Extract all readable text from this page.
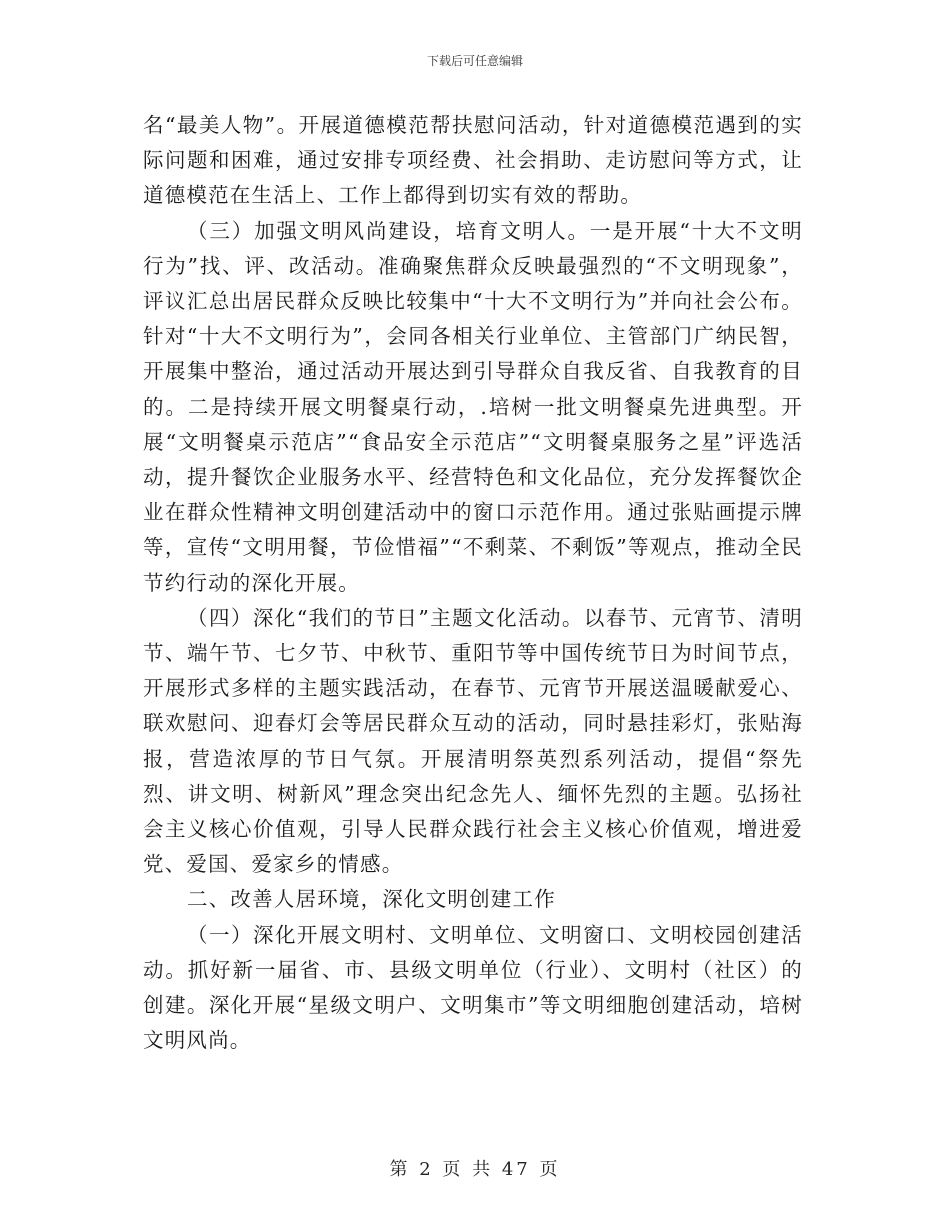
下载后可任意编辑

名“最美人物”。开展道德模范帮扶慰问活动，针对道德模范遇到的实际问题和困难，通过安排专项经费、社会捐助、走访慰问等方式，让道德模范在生活上、工作上都得到切实有效的帮助。

（三）加强文明风尚建设，培育文明人。一是开展“十大不文明行为”找、评、改活动。准确聚焦群众反映最强烈的“不文明现象”，评议汇总出居民群众反映比较集中“十大不文明行为”并向社会公布。针对“十大不文明行为”，会同各相关行业单位、主管部门广纳民智，开展集中整治，通过活动开展达到引导群众自我反省、自我教育的目的。二是持续开展文明餐桌行动，.培树一批文明餐桌先进典型。开展“文明餐桌示范店”“食品安全示范店”“文明餐桌服务之星”评选活动，提升餐饮企业服务水平、经营特色和文化品位，充分发挥餐饮企业在群众性精神文明创建活动中的窗口示范作用。通过张贴画提示牌等，宣传“文明用餐，节俭惜福”“不剩菜、不剩饭”等观点，推动全民节约行动的深化开展。

（四）深化“我们的节日”主题文化活动。以春节、元宵节、清明节、端午节、七夕节、中秋节、重阳节等中国传统节日为时间节点，开展形式多样的主题实践活动，在春节、元宵节开展送温暖献爱心、联欢慰问、迎春灯会等居民群众互动的活动，同时悬挂彩灯，张贴海报，营造浓厚的节日气氛。开展清明祭英烈系列活动，提倡“祭先烈、讲文明、树新风”理念突出纪念先人、缅怀先烈的主题。弘扬社会主义核心价值观，引导人民群众践行社会主义核心价值观，增进爱党、爱国、爱家乡的情感。

二、改善人居环境，深化文明创建工作

（一）深化开展文明村、文明单位、文明窗口、文明校园创建活动。抓好新一届省、市、县级文明单位（行业）、文明村（社区）的创建。深化开展“星级文明户、文明集市”等文明细胞创建活动，培树文明风尚。

第 2 页 共 47 页
